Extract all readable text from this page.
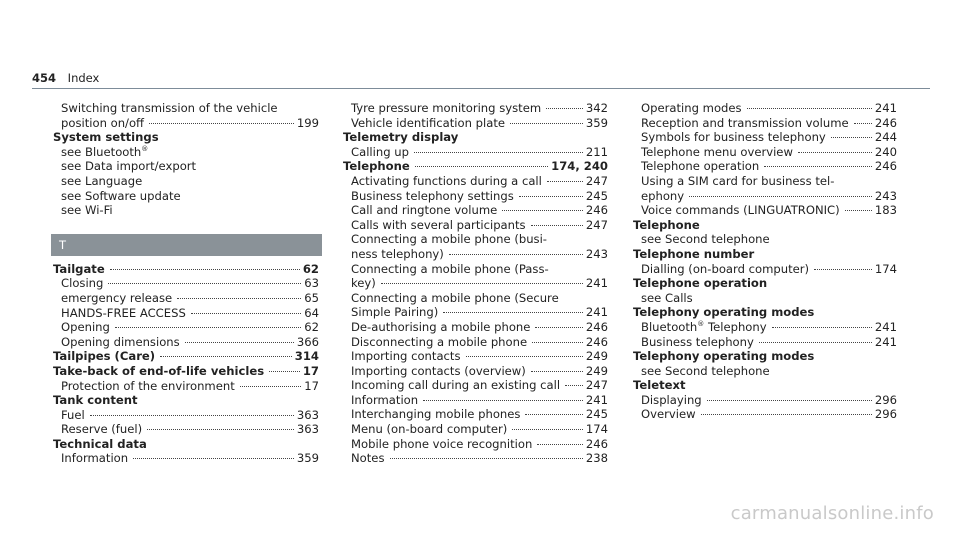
454 Index
Switching transmission of the vehicle
position on/off	199
System settings
see Bluetooth®
see Data import/export
see Language
see Software update
see Wi-Fi
T
Tailgate	62
Closing	63
emergency release	65
HANDS-FREE ACCESS	64
Opening	62
Opening dimensions	366
Tailpipes (Care)	314
Take-back of end-of-life vehicles	17
Protection of the environment	17
Tank content
Fuel	363
Reserve (fuel)	363
Technical data
Information	359
Tyre pressure monitoring system	342
Vehicle identification plate	359
Telemetry display
Calling up	211
Telephone	174, 240
Activating functions during a call	247
Business telephony settings	245
Call and ringtone volume	246
Calls with several participants	247
Connecting a mobile phone (busi-
ness telephony)	243
Connecting a mobile phone (Pass-
key)	241
Connecting a mobile phone (Secure
Simple Pairing)	241
De-authorising a mobile phone	246
Disconnecting a mobile phone	246
Importing contacts	249
Importing contacts (overview)	249
Incoming call during an existing call 247
Information	241
Interchanging mobile phones	245
Menu (on-board computer)	174
Mobile phone voice recognition	246
Notes	238
Operating modes	241
Reception and transmission volume 246
Symbols for business telephony	244
Telephone menu overview	240
Telephone operation	246
Using a SIM card for business tel-
ephony	243
Voice commands (LINGUATRONIC)	183
Telephone
see Second telephone
Telephone number
Dialling (on-board computer)	174
Telephone operation
see Calls
Telephony operating modes
Bluetooth® Telephony	241
Business telephony	241
Telephony operating modes
see Second telephone
Teletext
Displaying	296
Overview	296
carmanualsonline.info
